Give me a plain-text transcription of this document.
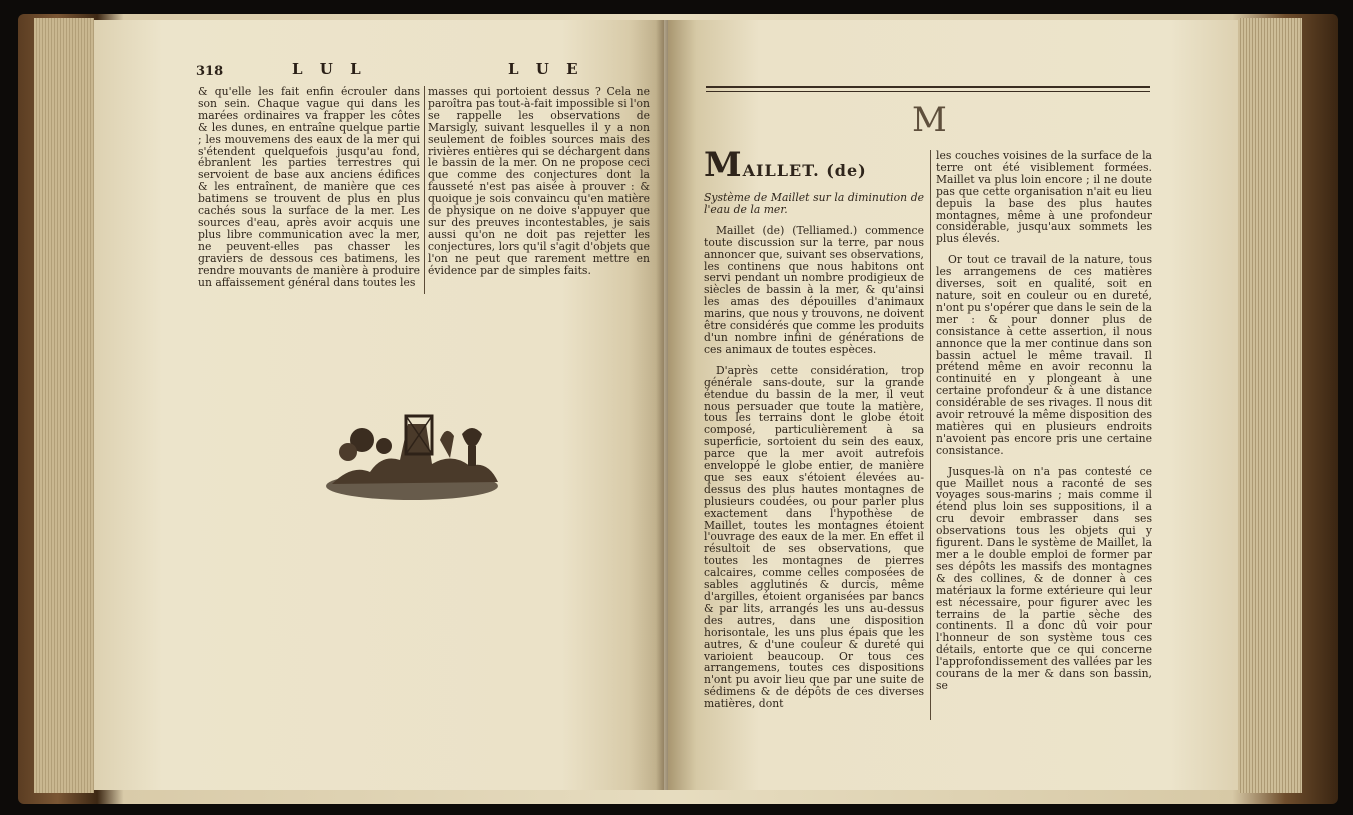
318	L U L	L U E

& qu'elle les fait enfin écrouler dans son sein. Chaque vague qui dans les marées ordinaires va frapper les côtes & les dunes, en entraîne quelque partie ; les mouvemens des eaux de la mer qui s'étendent quelquefois jusqu'au fond, ébranlent les parties terrestres qui servoient de base aux anciens édifices & les entraînent, de manière que ces batimens se trouvent de plus en plus cachés sous la surface de la mer. Les sources d'eau, après avoir acquis une plus libre communication avec la mer, ne peuvent-elles pas chasser les graviers de dessous ces batimens, les rendre mouvants de manière à produire un affaissement général dans toutes les

masses qui portoient dessus ? Cela ne paroîtra pas tout-à-fait impossible si l'on se rappelle les observations de Marsigly, suivant lesquelles il y a non seulement de foibles sources mais des rivières entières qui se déchargent dans le bassin de la mer. On ne propose ceci que comme des conjectures dont la fausseté n'est pas aisée à prouver : & quoique je sois convaincu qu'en matière de physique on ne doive s'appuyer que sur des preuves incontestables, je sais aussi qu'on ne doit pas rejetter les conjectures, lors qu'il s'agit d'objets que l'on ne peut que rarement mettre en évidence par de simples faits.

M
MAILLET. (de)

Système de Maillet sur la diminution de l'eau de la mer.

Maillet (de) (Telliamed.) commence toute discussion sur la terre, par nous annoncer que, suivant ses observations, les continens que nous habitons ont servi pendant un nombre prodigieux de siècles de bassin à la mer, & qu'ainsi les amas des dépouilles d'animaux marins, que nous y trouvons, ne doivent être considérés que comme les produits d'un nombre infini de générations de ces animaux de toutes espèces.

D'après cette considération, trop générale sans-doute, sur la grande étendue du bassin de la mer, il veut nous persuader que toute la matière, tous les terrains dont le globe étoit composé, particulièrement à sa superficie, sortoient du sein des eaux, parce que la mer avoit autrefois enveloppé le globe entier, de manière que ses eaux s'étoient élevées au-dessus des plus hautes montagnes de plusieurs coudées, ou pour parler plus exactement dans l'hypothèse de Maillet, toutes les montagnes étoient l'ouvrage des eaux de la mer. En effet il résultoit de ses observations, que toutes les montagnes de pierres calcaires, comme celles composées de sables agglutinés & durcis, même d'argilles, étoient organisées par bancs & par lits, arrangés les uns au-dessus des autres, dans une disposition horisontale, les uns plus épais que les autres, & d'une couleur & dureté qui varioient beaucoup. Or tous ces arrangemens, toutes ces dispositions n'ont pu avoir lieu que par une suite de sédimens & de dépôts de ces diverses matières, dont

les couches voisines de la surface de la terre ont été visiblement formées. Maillet va plus loin encore ; il ne doute pas que cette organisation n'ait eu lieu depuis la base des plus hautes montagnes, même à une profondeur considérable, jusqu'aux sommets les plus élevés.

Or tout ce travail de la nature, tous les arrangemens de ces matières diverses, soit en qualité, soit en nature, soit en couleur ou en dureté, n'ont pu s'opérer que dans le sein de la mer : & pour donner plus de consistance à cette assertion, il nous annonce que la mer continue dans son bassin actuel le même travail. Il prétend même en avoir reconnu la continuité en y plongeant à une certaine profondeur & à une distance considérable de ses rivages. Il nous dit avoir retrouvé la même disposition des matières qui en plusieurs endroits n'avoient pas encore pris une certaine consistance.

Jusques-là on n'a pas contesté ce que Maillet nous a raconté de ses voyages sous-marins ; mais comme il étend plus loin ses suppositions, il a cru devoir embrasser dans ses observations tous les objets qui y figurent. Dans le système de Maillet, la mer a le double emploi de former par ses dépôts les massifs des montagnes & des collines, & de donner à ces matériaux la forme extérieure qui leur est nécessaire, pour figurer avec les terrains de la partie sèche des continents. Il a donc dû voir pour l'honneur de son système tous ces détails, entorte que ce qui concerne l'approfondissement des vallées par les courans de la mer & dans son bassin, se
